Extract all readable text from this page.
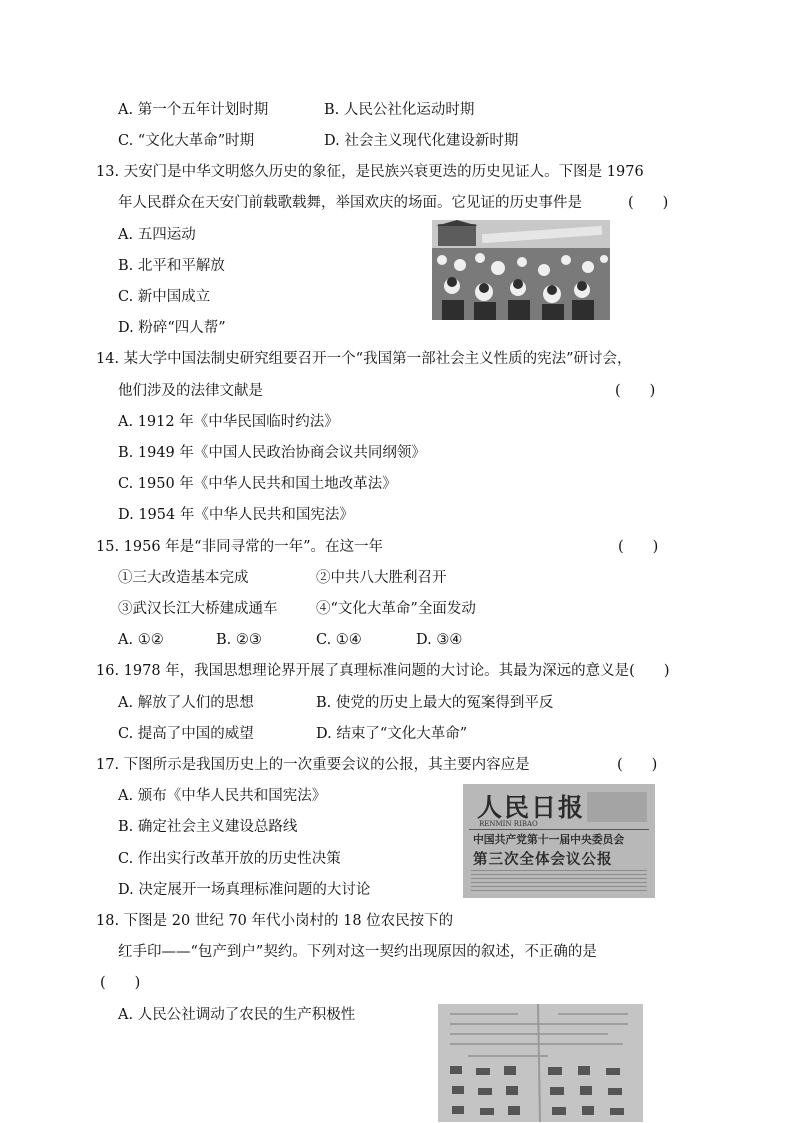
A. 第一个五年计划时期	B. 人民公社化运动时期
C. “文化大革命”时期	D. 社会主义现代化建设新时期
13. 天安门是中华文明悠久历史的象征，是民族兴衰更迭的历史见证人。下图是 1976
年人民群众在天安门前载歌载舞，举国欢庆的场面。它见证的历史事件是	(　　)
A. 五四运动
B. 北平和平解放
C. 新中国成立
D. 粉碎“四人帮”
14. 某大学中国法制史研究组要召开一个“我国第一部社会主义性质的宪法”研讨会，
他们涉及的法律文献是	(　　)
A. 1912 年《中华民国临时约法》
B. 1949 年《中国人民政治协商会议共同纲领》
C. 1950 年《中华人民共和国土地改革法》
D. 1954 年《中华人民共和国宪法》
15. 1956 年是“非同寻常的一年”。在这一年	(　　)
①三大改造基本完成	②中共八大胜利召开
③武汉长江大桥建成通车	④“文化大革命”全面发动
A. ①②	B. ②③	C. ①④	D. ③④
16. 1978 年，我国思想理论界开展了真理标准问题的大讨论。其最为深远的意义是(　　)
A. 解放了人们的思想	B. 使党的历史上最大的冤案得到平反
C. 提高了中国的威望	D. 结束了“文化大革命”
17. 下图所示是我国历史上的一次重要会议的公报，其主要内容应是	(　　)
A. 颁布《中华人民共和国宪法》
B. 确定社会主义建设总路线
C. 作出实行改革开放的历史性决策
D. 决定展开一场真理标准问题的大讨论
人民日报
RENMIN RIBAO
中国共产党第十一届中央委员会
第三次全体会议公报
18. 下图是 20 世纪 70 年代小岗村的 18 位农民按下的
红手印——“包产到户”契约。下列对这一契约出现原因的叙述，不正确的是
(　　)
A. 人民公社调动了农民的生产积极性
